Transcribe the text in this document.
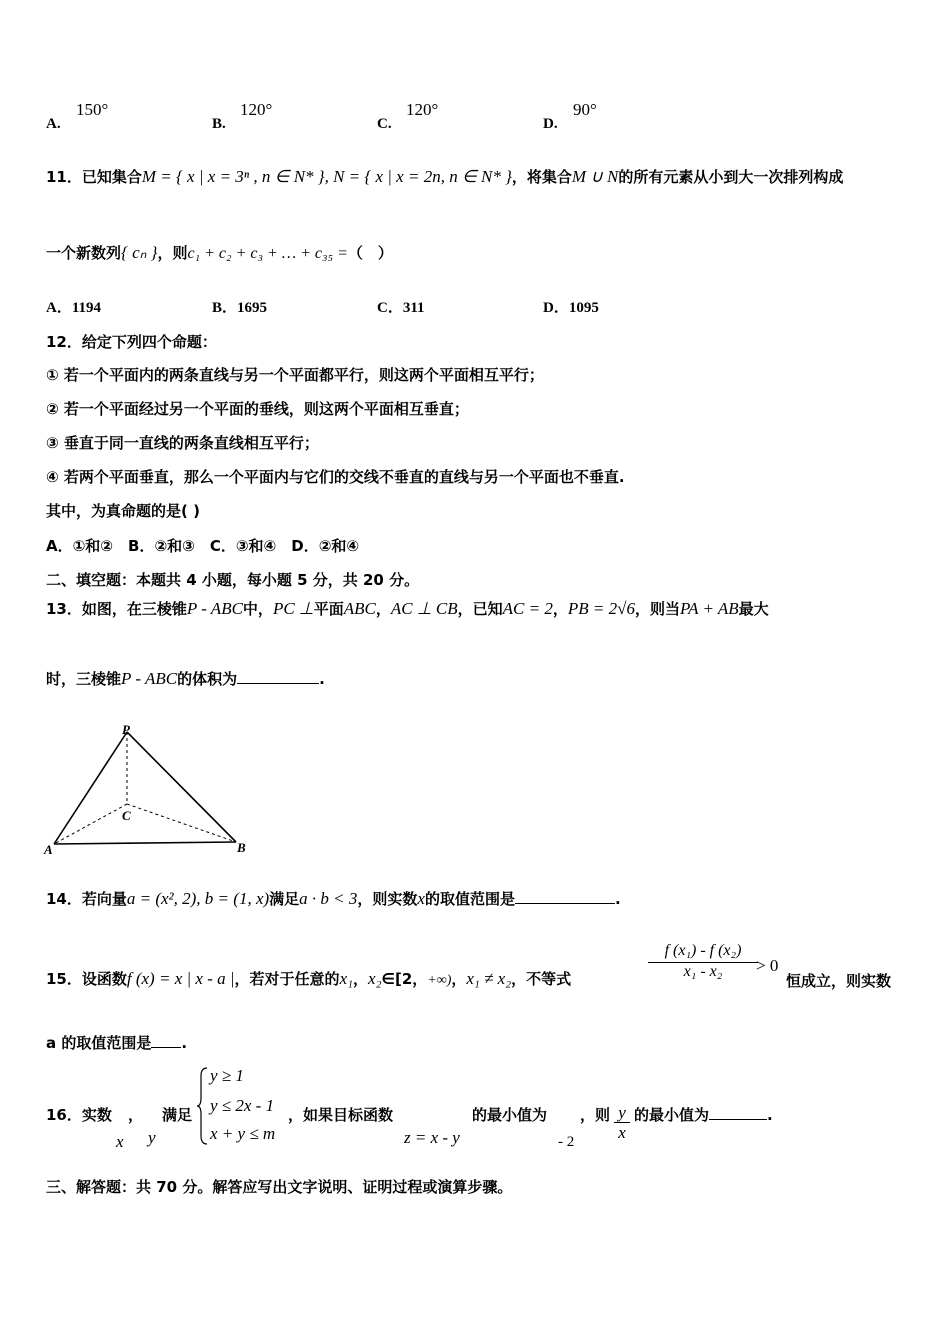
A.
150°
B.
120°
C.
120°
D.
90°
11．已知集合M = { x | x = 3ⁿ , n ∈ N* }, N = { x | x = 2n, n ∈ N* }，将集合M ∪ N的所有元素从小到大一次排列构成
一个新数列{ cₙ }，则c₁ + c₂ + c₃ + … + c₃₅ =（　）
A．1194	B．1695	C．311	D．1095
12．给定下列四个命题：
① 若一个平面内的两条直线与另一个平面都平行，则这两个平面相互平行；
② 若一个平面经过另一个平面的垂线，则这两个平面相互垂直；
③ 垂直于同一直线的两条直线相互平行；
④ 若两个平面垂直，那么一个平面内与它们的交线不垂直的直线与另一个平面也不垂直.
其中，为真命题的是( )
A．①和②　B．②和③　C．③和④　D．②和④
二、填空题：本题共 4 小题，每小题 5 分，共 20 分。
13．如图，在三棱锥P - ABC中，PC ⊥平面ABC，AC ⊥ CB，已知AC = 2，PB = 2√6，则当PA + AB最大
时，三棱锥P - ABC的体积为	.
P
C
A	B
14．若向量a = (x², 2), b = (1, x)满足a · b < 3，则实数x的取值范围是	.
15．设函数f (x) = x | x - a |，若对于任意的x₁，x₂∈[2，+∞)，x₁ ≠ x₂，不等式	$\frac{\text{f (x₁) - f (x₂)}}{\text{x₁ - x₂}}$
> 0
恒成立，则实数
a 的取值范围是 .
16．实数 ，
x y
满足
y ≥ 1
y ≤ 2x - 1
x + y ≤ m
，如果目标函数
z = x - y
的最小值为
- 2
，则 $\frac{y}{x}$ 的最小值为	.
三、解答题：共 70 分。解答应写出文字说明、证明过程或演算步骤。
